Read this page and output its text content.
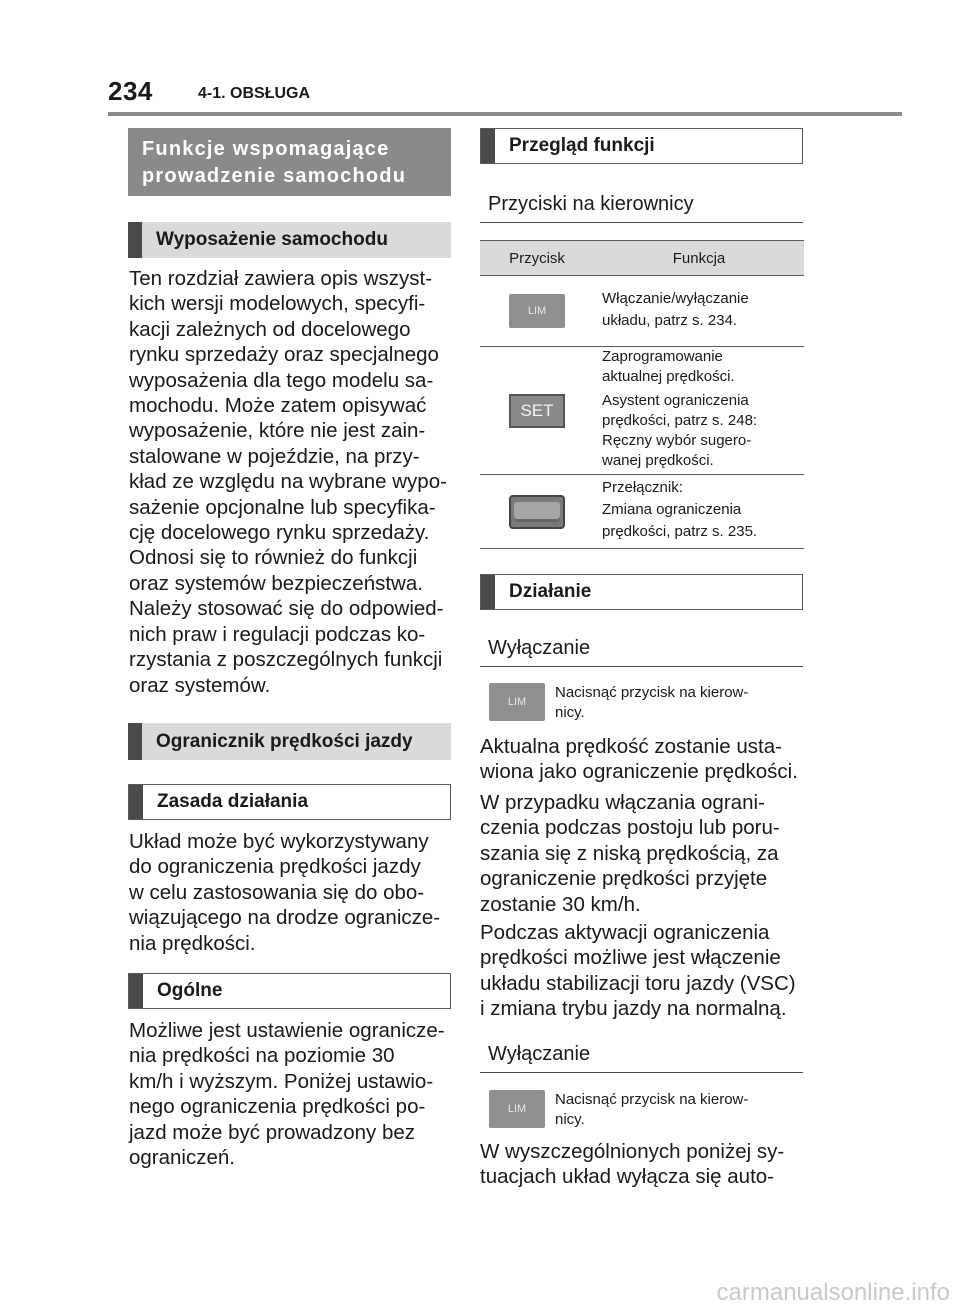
234	4-1. OBSŁUGA
Funkcje wspomagające
prowadzenie samochodu
Wyposażenie samochodu

Ten rozdział zawiera opis wszyst-

kich wersji modelowych, specyfi-

kacji zależnych od docelowego

rynku sprzedaży oraz specjalnego

wyposażenia dla tego modelu sa-

mochodu. Może zatem opisywać

wyposażenie, które nie jest zain-

stalowane w pojeździe, na przy-

kład ze względu na wybrane wypo-

sażenie opcjonalne lub specyfika-

cję docelowego rynku sprzedaży.

Odnosi się to również do funkcji

oraz systemów bezpieczeństwa.

Należy stosować się do odpowied-

nich praw i regulacji podczas ko-

rzystania z poszczególnych funkcji

oraz systemów.

Ogranicznik prędkości jazdy
Zasada działania

Układ może być wykorzystywany

do ograniczenia prędkości jazdy

w celu zastosowania się do obo-

wiązującego na drodze ogranicze-

nia prędkości.

Ogólne

Możliwe jest ustawienie ogranicze-

nia prędkości na poziomie 30

km/h i wyższym. Poniżej ustawio-

nego ograniczenia prędkości po-

jazd może być prowadzony bez

ograniczeń.

Przegląd funkcji
Przyciski na kierownicy
Przycisk	Funkcja
LIM
Włączanie/wyłączanie
układu, patrz s. 234.
SET
Zaprogramowanie
aktualnej prędkości.
Asystent ograniczenia
prędkości, patrz s. 248:
Ręczny wybór sugero-
wanej prędkości.
Przełącznik:
Zmiana ograniczenia
prędkości, patrz s. 235.
Działanie
Wyłączanie
LIM
Nacisnąć przycisk na kierow-
nicy.

Aktualna prędkość zostanie usta-

wiona jako ograniczenie prędkości.

W przypadku włączania ograni-

czenia podczas postoju lub poru-

szania się z niską prędkością, za

ograniczenie prędkości przyjęte

zostanie 30 km/h.

Podczas aktywacji ograniczenia

prędkości możliwe jest włączenie

układu stabilizacji toru jazdy (VSC)

i zmiana trybu jazdy na normalną.

Wyłączanie
LIM
Nacisnąć przycisk na kierow-
nicy.

W wyszczególnionych poniżej sy-

tuacjach układ wyłącza się auto-

carmanualsonline.info
